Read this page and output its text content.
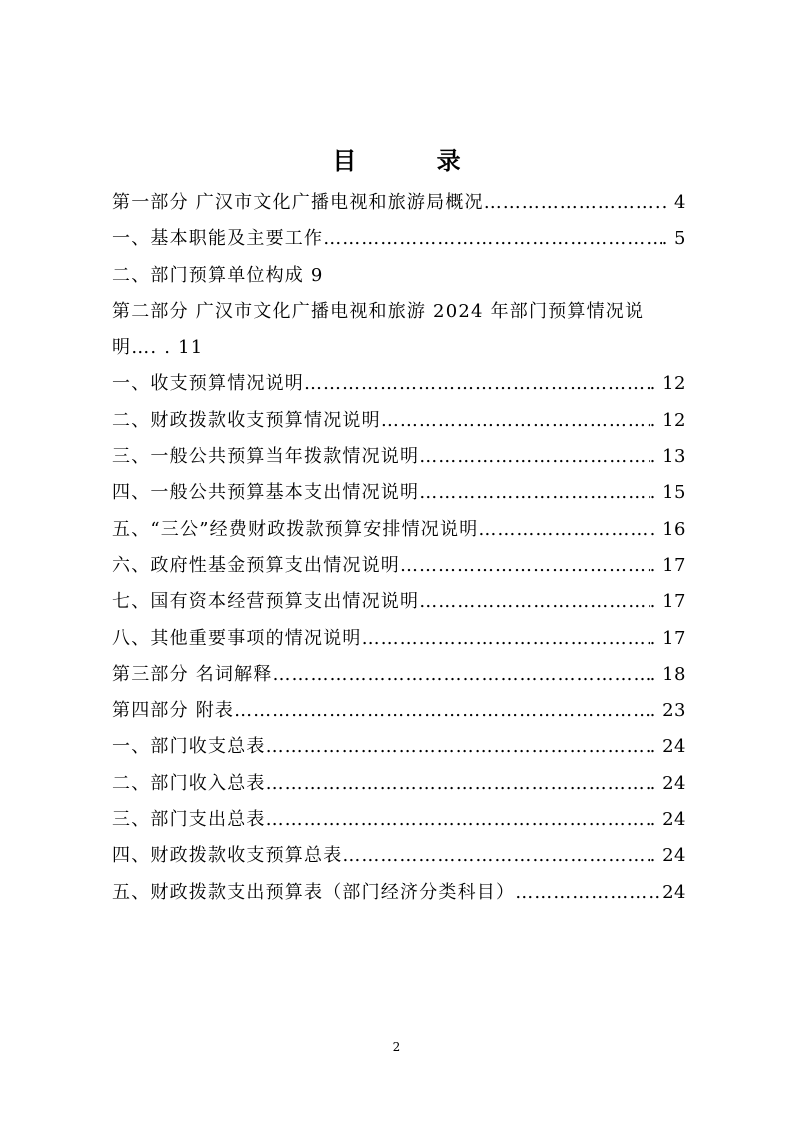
目 录
第一部分 广汉市文化广播电视和旅游局概况 …………………………………………………………………………………………………………………………	. 4
一、基本职能及主要工作 …………………………………………………………………………………………………………………………	. 5
二、部门预算单位构成 9
第二部分 广汉市文化广播电视和旅游 2024 年部门预算情况说
明…. . 11
一、收支预算情况说明 …………………………………………………………………………………………………………………………	. 12
二、财政拨款收支预算情况说明 …………………………………………………………………………………………………………………………	. 12
三、一般公共预算当年拨款情况说明 …………………………………………………………………………………………………………………………	. 13
四、一般公共预算基本支出情况说明 …………………………………………………………………………………………………………………………	. 15
五、“三公”经费财政拨款预算安排情况说明 …………………………………………………………………………………………………………………………	. 16
六、政府性基金预算支出情况说明 …………………………………………………………………………………………………………………………	. 17
七、国有资本经营预算支出情况说明 …………………………………………………………………………………………………………………………	. 17
八、其他重要事项的情况说明 …………………………………………………………………………………………………………………………	. 17
第三部分 名词解释 …………………………………………………………………………………………………………………………	. 18
第四部分 附表 …………………………………………………………………………………………………………………………	. 23
一、部门收支总表 …………………………………………………………………………………………………………………………	. 24
二、部门收入总表 …………………………………………………………………………………………………………………………	. 24
三、部门支出总表 …………………………………………………………………………………………………………………………	. 24
四、财政拨款收支预算总表 …………………………………………………………………………………………………………………………	. 24
五、财政拨款支出预算表（部门经济分类科目） …………………………………………………………………………………………………………………………	24
2
